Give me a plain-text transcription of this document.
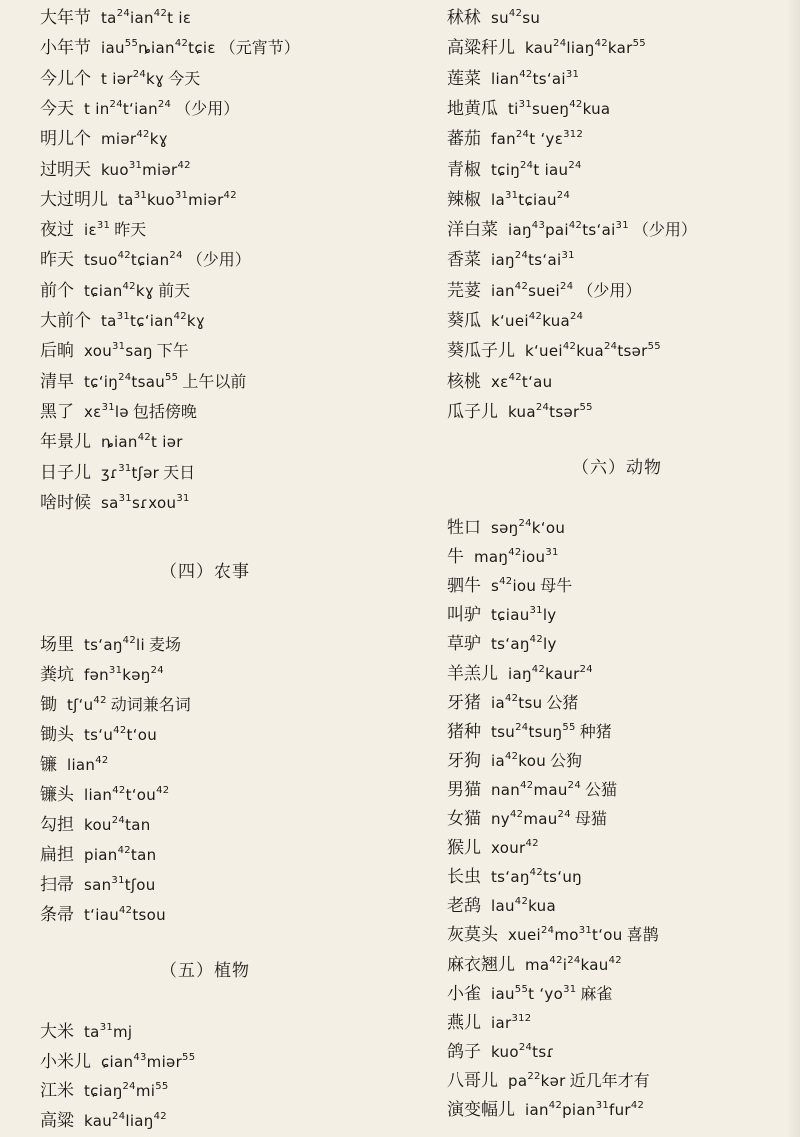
大年节 $ta^{24}ian^{42}t$ iɛ
小年节 iau$^{55}$ȵian$^{42}$tɕiɛ （元宵节）
今儿个 t iər$^{24}$kɣ 今天
今天 t $in^{24}t‘ian^{24}$ （少用）
明儿个 miər$^{42}$kɣ
过明天 kuo$^{31}$miər$^{42}$
大过明儿 $ta^{31}kuo^{31}miər^{42}$
夜过 iɛ$^{31}$ 昨天
昨天 tsuo$^{42}$tɕian$^{24}$ （少用）
前个 tɕian$^{42}$kɣ 前天
大前个 $ta^{31}tɕ‘ian^{42}kɣ$
后晌 xou$^{31}$saŋ 下午
清早 $tɕ‘iŋ^{24}tsau^{55}$ 上午以前
黑了 xɛ$^{31}$lə 包括傍晚
年景儿 ȵian$^{42}$t iər
日子儿 ʒɾ$^{31}$tʃər 天日
啥时候 $sa^{31}sɾxou^{31}$
（四）农事
场里 $ts‘aŋ^{42}li$ 麦场
粪坑 fən$^{31}$kəŋ$^{24}$
锄 $tʃ‘u^{42}$ 动词兼名词
锄头 $ts‘u^{42}t‘ou$
镰 lian$^{42}$
镰头 $lian^{42}t‘ou^{42}$
勾担 kou$^{24}$tan
扁担 pian$^{42}$tan
扫帚 san$^{31}$tʃou
条帚 t‘iau$^{42}$tsou
（五）植物
大米 $ta^{31}mj$
小米儿 ɕian$^{43}$miər$^{55}$
江米 $tɕiaŋ^{24}mi^{55}$
高粱 kau$^{24}$liaŋ$^{42}$
秫秫 $su^{42}su$
高粱秆儿 kau$^{24}$liaŋ$^{42}$kar$^{55}$
莲菜 $lian^{42}ts‘ai^{31}$
地黄瓜 $ti^{31}sueŋ^{42}kua$
蕃茄 fan$^{24}$t ‘yɛ$^{312}$
青椒 tɕiŋ$^{24}$t iau$^{24}$
辣椒 $la^{31}tɕiau^{24}$
洋白菜 $iaŋ^{43}pai^{42}ts‘ai^{31}$ （少用）
香菜 $iaŋ^{24}ts‘ai^{31}$
芫荽 ian$^{42}$suei$^{24}$ （少用）
葵瓜 k‘uei$^{42}$kua$^{24}$
葵瓜子儿 k‘uei$^{42}$kua$^{24}$tsər$^{55}$
核桃 xɛ$^{42}$t‘au
瓜子儿 kua$^{24}$tsər$^{55}$
（六）动物
牲口 səŋ$^{24}$k‘ou
牛 maŋ$^{42}$iou$^{31}$
驷牛 $s^{42}iou$ 母牛
叫驴 tɕiau$^{31}$ly
草驴 $ts‘aŋ^{42}ly$
羊羔儿 iaŋ$^{42}$kaur$^{24}$
牙猪 $ia^{42}tsu$ 公猪
猪种 tsu$^{24}$tsuŋ$^{55}$ 种猪
牙狗 $ia^{42}kou$ 公狗
男猫 nan$^{42}$mau$^{24}$ 公猫
女猫 $ny^{42}mau^{24}$ 母猫
猴儿 xour$^{42}$
长虫 $ts‘aŋ^{42}ts‘uŋ$
老鸹 lau$^{42}$kua
灰莫头 $xuei^{24}mo^{31}t‘ou$ 喜鹊
麻衣翘儿 $ma^{42}i^{24}kau^{42}$
小雀 iau$^{55}$t ‘$yo^{31}$ 麻雀
燕儿 iar$^{312}$
鸽子 kuo$^{24}$tsɾ
八哥儿 $pa^{22}kər$ 近几年才有
演变幅儿 ian$^{42}$pian$^{31}$fur$^{42}$
